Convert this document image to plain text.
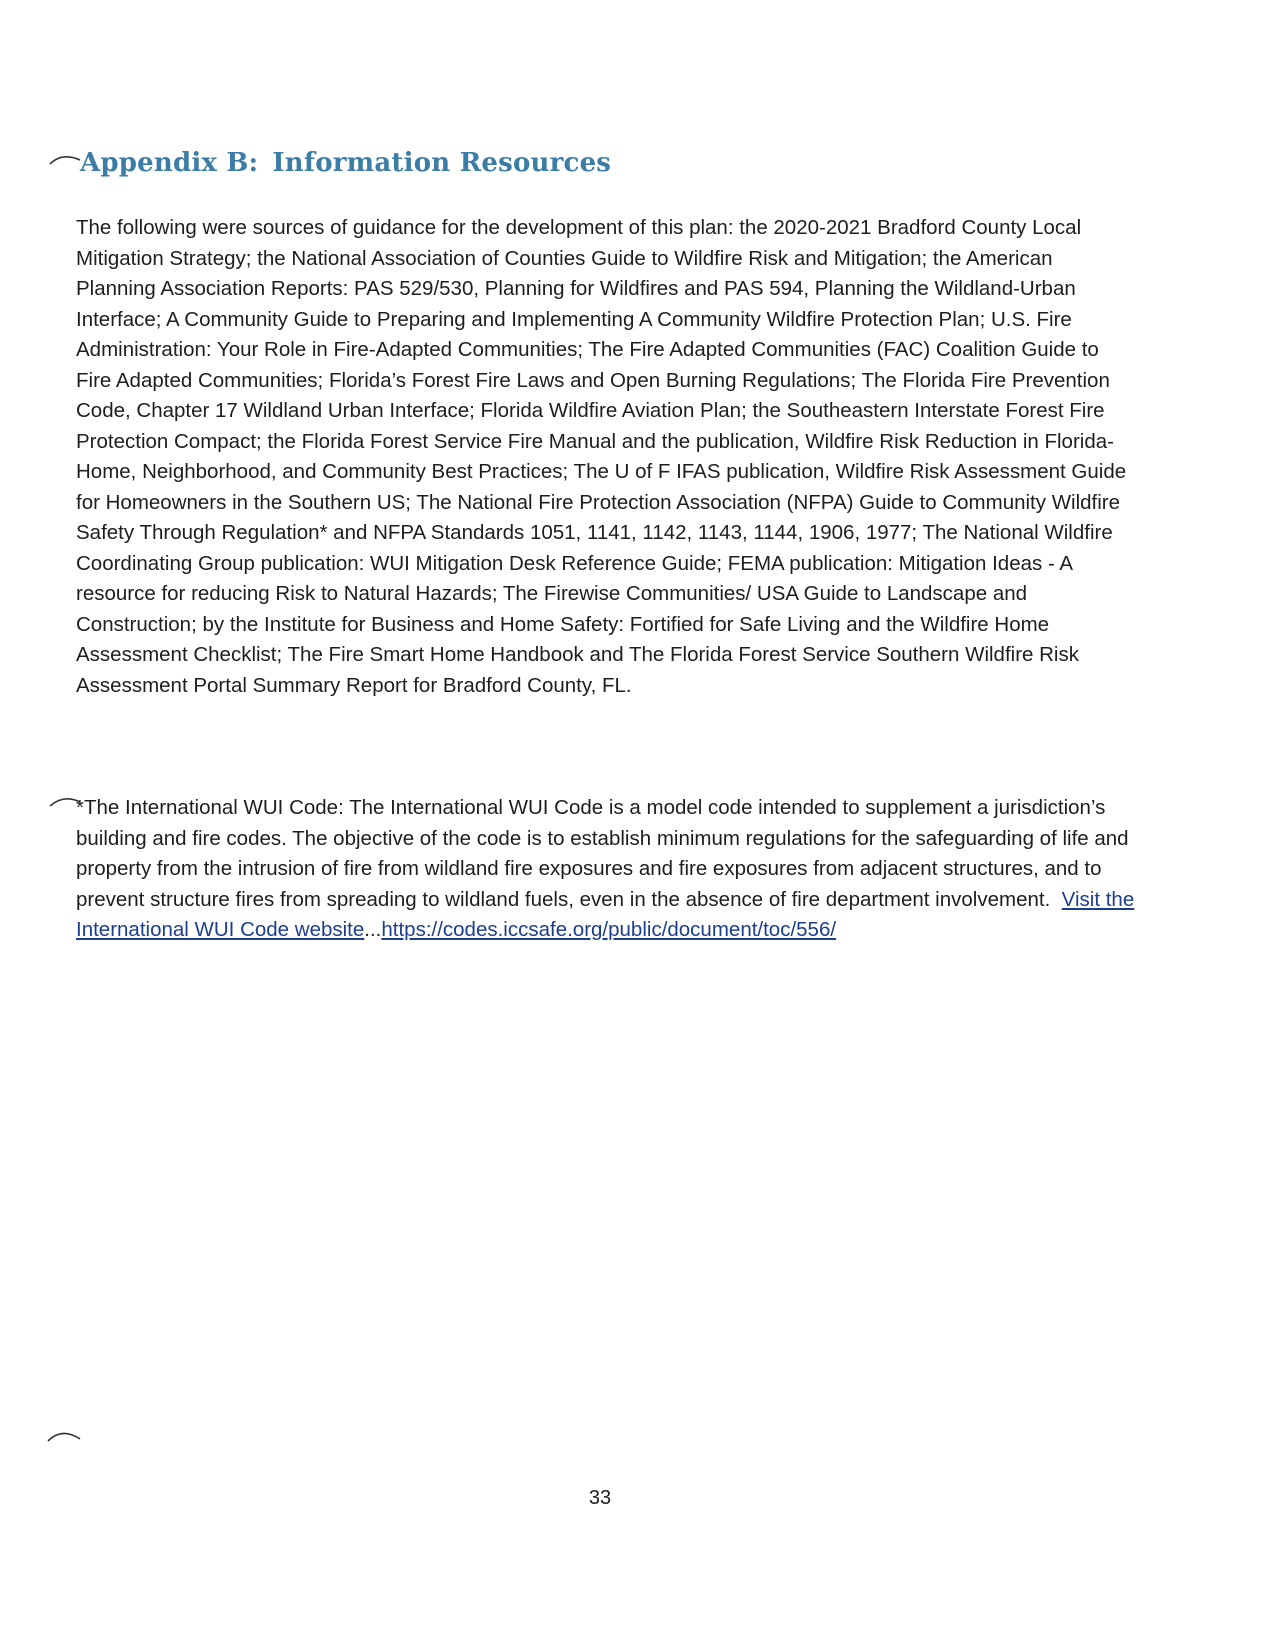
Appendix B: Information Resources

The following were sources of guidance for the development of this plan: the 2020-2021 Bradford County Local Mitigation Strategy; the National Association of Counties Guide to Wildfire Risk and Mitigation; the American Planning Association Reports: PAS 529/530, Planning for Wildfires and PAS 594, Planning the Wildland-Urban Interface; A Community Guide to Preparing and Implementing A Community Wildfire Protection Plan; U.S. Fire Administration: Your Role in Fire-Adapted Communities; The Fire Adapted Communities (FAC) Coalition Guide to Fire Adapted Communities; Florida’s Forest Fire Laws and Open Burning Regulations; The Florida Fire Prevention Code, Chapter 17 Wildland Urban Interface; Florida Wildfire Aviation Plan; the Southeastern Interstate Forest Fire Protection Compact; the Florida Forest Service Fire Manual and the publication, Wildfire Risk Reduction in Florida-Home, Neighborhood, and Community Best Practices; The U of F IFAS publication, Wildfire Risk Assessment Guide for Homeowners in the Southern US; The National Fire Protection Association (NFPA) Guide to Community Wildfire Safety Through Regulation* and NFPA Standards 1051, 1141, 1142, 1143, 1144, 1906, 1977; The National Wildfire Coordinating Group publication: WUI Mitigation Desk Reference Guide; FEMA publication: Mitigation Ideas - A resource for reducing Risk to Natural Hazards; The Firewise Communities/ USA Guide to Landscape and Construction; by the Institute for Business and Home Safety: Fortified for Safe Living and the Wildfire Home Assessment Checklist; The Fire Smart Home Handbook and The Florida Forest Service Southern Wildfire Risk Assessment Portal Summary Report for Bradford County, FL.

*The International WUI Code: The International WUI Code is a model code intended to supplement a jurisdiction’s building and fire codes. The objective of the code is to establish minimum regulations for the safeguarding of life and property from the intrusion of fire from wildland fire exposures and fire exposures from adjacent structures, and to prevent structure fires from spreading to wildland fuels, even in the absence of fire department involvement. Visit the International WUI Code website...https://codes.iccsafe.org/public/document/toc/556/

33
